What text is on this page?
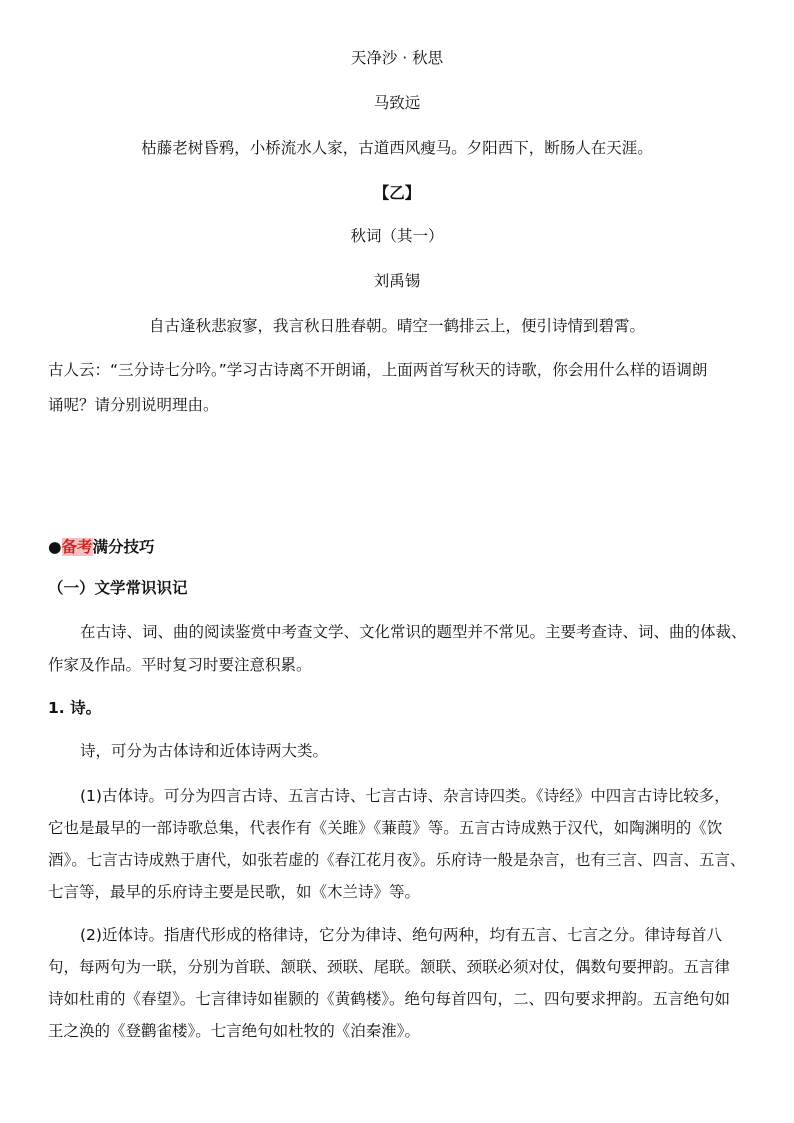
天净沙 · 秋思

马致远

枯藤老树昏鸦，小桥流水人家，古道西风瘦马。夕阳西下，断肠人在天涯。

【乙】

秋词（其一）

刘禹锡

自古逢秋悲寂寥，我言秋日胜春朝。晴空一鹤排云上，便引诗情到碧霄。

古人云：“三分诗七分吟。”学习古诗离不开朗诵，上面两首写秋天的诗歌，你会用什么样的语调朗

诵呢？请分别说明理由。

●备考满分技巧

（一）文学常识识记

在古诗、词、曲的阅读鉴赏中考查文学、文化常识的题型并不常见。主要考查诗、词、曲的体裁、

作家及作品。平时复习时要注意积累。

1. 诗。

诗，可分为古体诗和近体诗两大类。

(1)古体诗。可分为四言古诗、五言古诗、七言古诗、杂言诗四类。《诗经》中四言古诗比较多，

它也是最早的一部诗歌总集，代表作有《关雎》《蒹葭》等。五言古诗成熟于汉代，如陶渊明的《饮

酒》。七言古诗成熟于唐代，如张若虚的《春江花月夜》。乐府诗一般是杂言，也有三言、四言、五言、

七言等，最早的乐府诗主要是民歌，如《木兰诗》等。

(2)近体诗。指唐代形成的格律诗，它分为律诗、绝句两种，均有五言、七言之分。律诗每首八

句，每两句为一联，分别为首联、颔联、颈联、尾联。颔联、颈联必须对仗，偶数句要押韵。五言律

诗如杜甫的《春望》。七言律诗如崔颢的《黄鹤楼》。绝句每首四句，二、四句要求押韵。五言绝句如

王之涣的《登鹳雀楼》。七言绝句如杜牧的《泊秦淮》。
